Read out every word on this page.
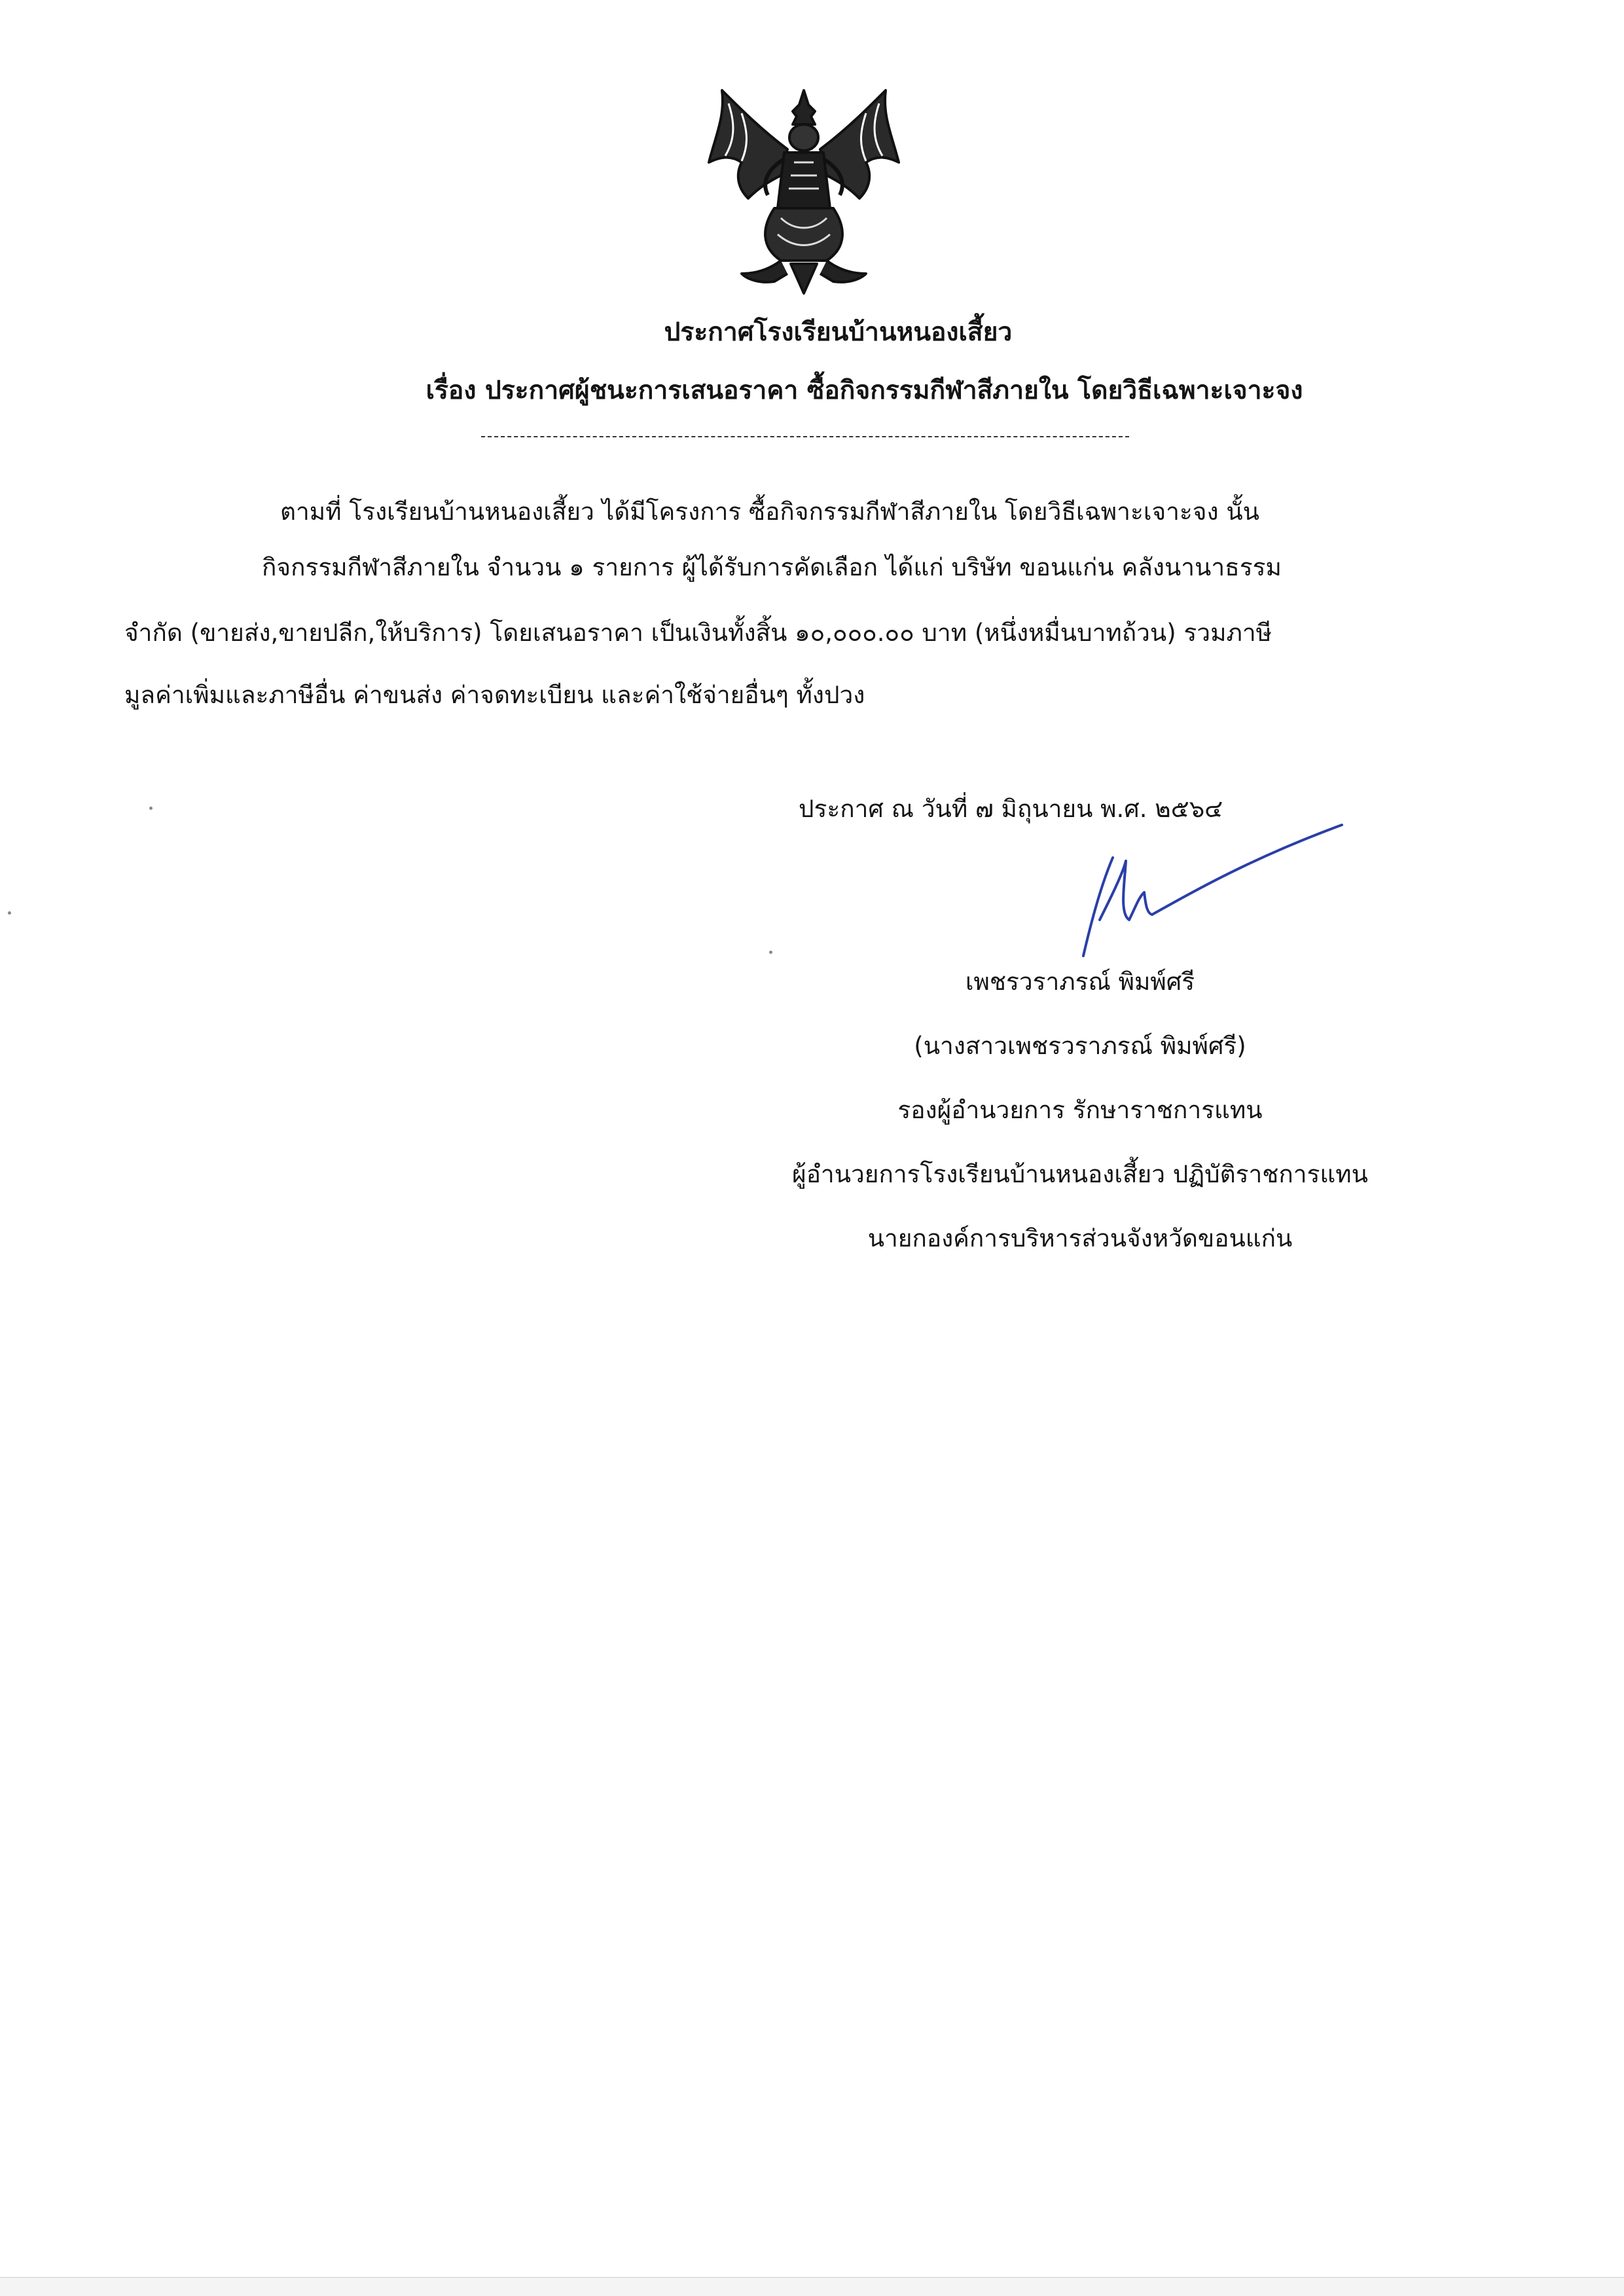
ประกาศโรงเรียนบ้านหนองเสี้ยว
เรื่อง ประกาศผู้ชนะการเสนอราคา ซื้อกิจกรรมกีฬาสีภายใน โดยวิธีเฉพาะเจาะจง
ตามที่ โรงเรียนบ้านหนองเสี้ยว ได้มีโครงการ ซื้อกิจกรรมกีฬาสีภายใน โดยวิธีเฉพาะเจาะจง นั้น
กิจกรรมกีฬาสีภายใน จำนวน ๑ รายการ ผู้ได้รับการคัดเลือก ได้แก่ บริษัท ขอนแก่น คลังนานาธรรม
จำกัด (ขายส่ง,ขายปลีก,ให้บริการ) โดยเสนอราคา เป็นเงินทั้งสิ้น ๑๐,๐๐๐.๐๐ บาท (หนึ่งหมื่นบาทถ้วน) รวมภาษี
มูลค่าเพิ่มและภาษีอื่น ค่าขนส่ง ค่าจดทะเบียน และค่าใช้จ่ายอื่นๆ ทั้งปวง
ประกาศ ณ วันที่ ๗ มิถุนายน พ.ศ. ๒๕๖๔
เพชรวราภรณ์ พิมพ์ศรี
(นางสาวเพชรวราภรณ์ พิมพ์ศรี)
รองผู้อำนวยการ รักษาราชการแทน
ผู้อำนวยการโรงเรียนบ้านหนองเสี้ยว ปฏิบัติราชการแทน
นายกองค์การบริหารส่วนจังหวัดขอนแก่น
